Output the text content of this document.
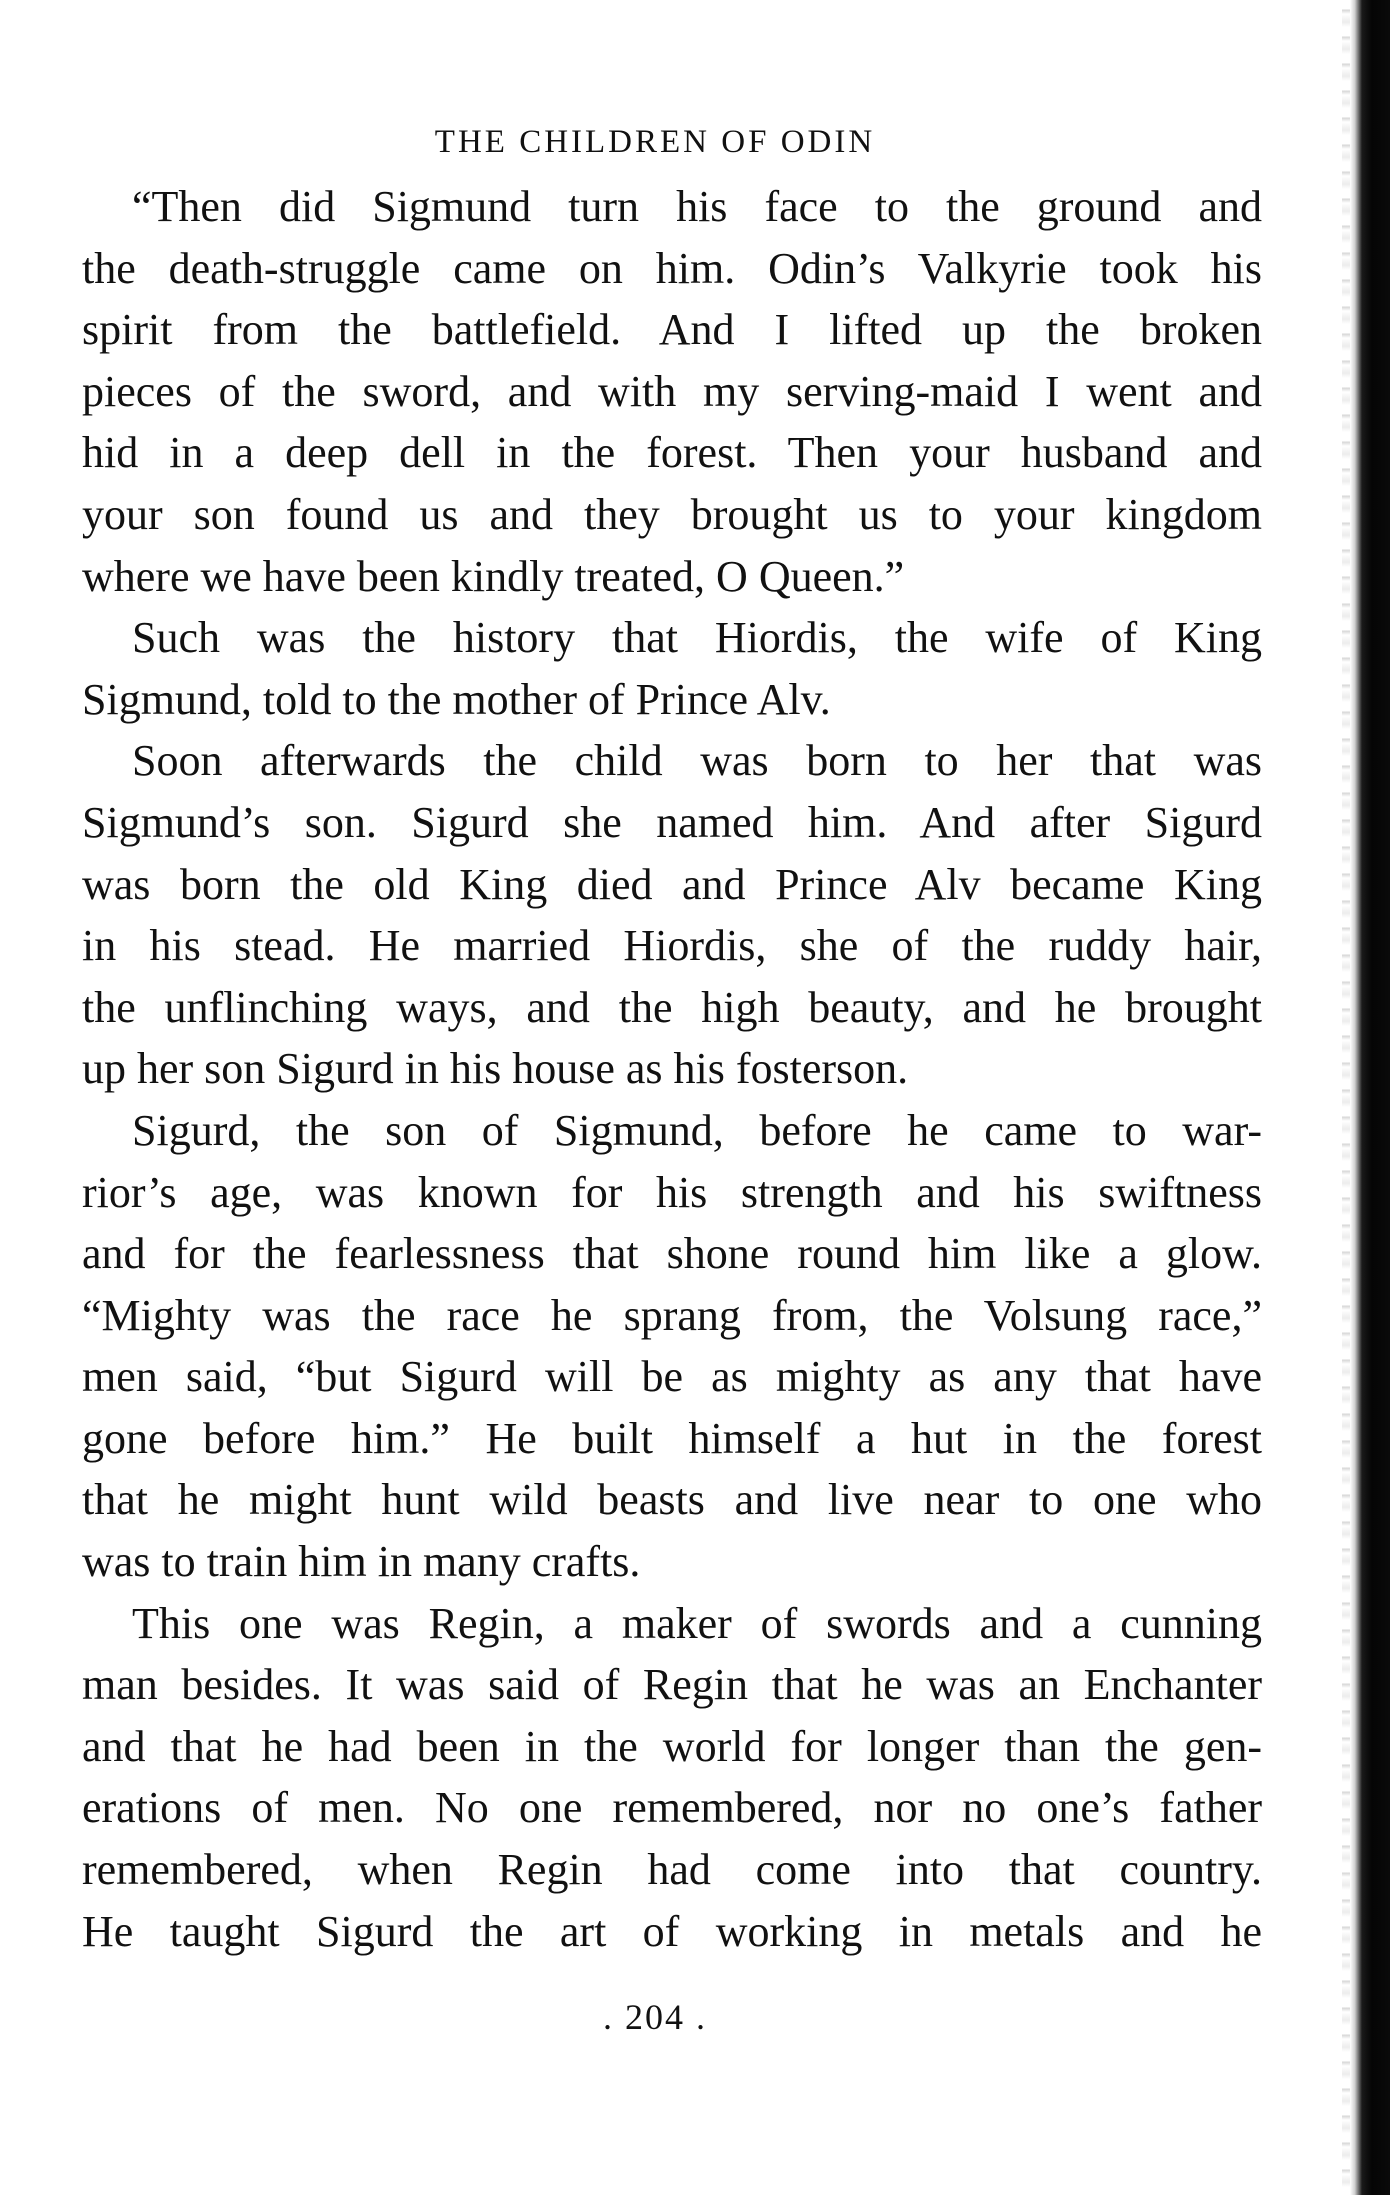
THE CHILDREN OF ODIN
“Then did Sigmund turn his face to the ground and
the death-struggle came on him. Odin’s Valkyrie took his
spirit from the battlefield. And I lifted up the broken
pieces of the sword, and with my serving-maid I went and
hid in a deep dell in the forest. Then your husband and
your son found us and they brought us to your kingdom
where we have been kindly treated, O Queen.”
Such was the history that Hiordis, the wife of King
Sigmund, told to the mother of Prince Alv.
Soon afterwards the child was born to her that was
Sigmund’s son. Sigurd she named him. And after Sigurd
was born the old King died and Prince Alv became King
in his stead. He married Hiordis, she of the ruddy hair,
the unflinching ways, and the high beauty, and he brought
up her son Sigurd in his house as his fosterson.
Sigurd, the son of Sigmund, before he came to war-
rior’s age, was known for his strength and his swiftness
and for the fearlessness that shone round him like a glow.
“Mighty was the race he sprang from, the Volsung race,”
men said, “but Sigurd will be as mighty as any that have
gone before him.” He built himself a hut in the forest
that he might hunt wild beasts and live near to one who
was to train him in many crafts.
This one was Regin, a maker of swords and a cunning
man besides. It was said of Regin that he was an Enchanter
and that he had been in the world for longer than the gen-
erations of men. No one remembered, nor no one’s father
remembered, when Regin had come into that country.
He taught Sigurd the art of working in metals and he
. 204 .
